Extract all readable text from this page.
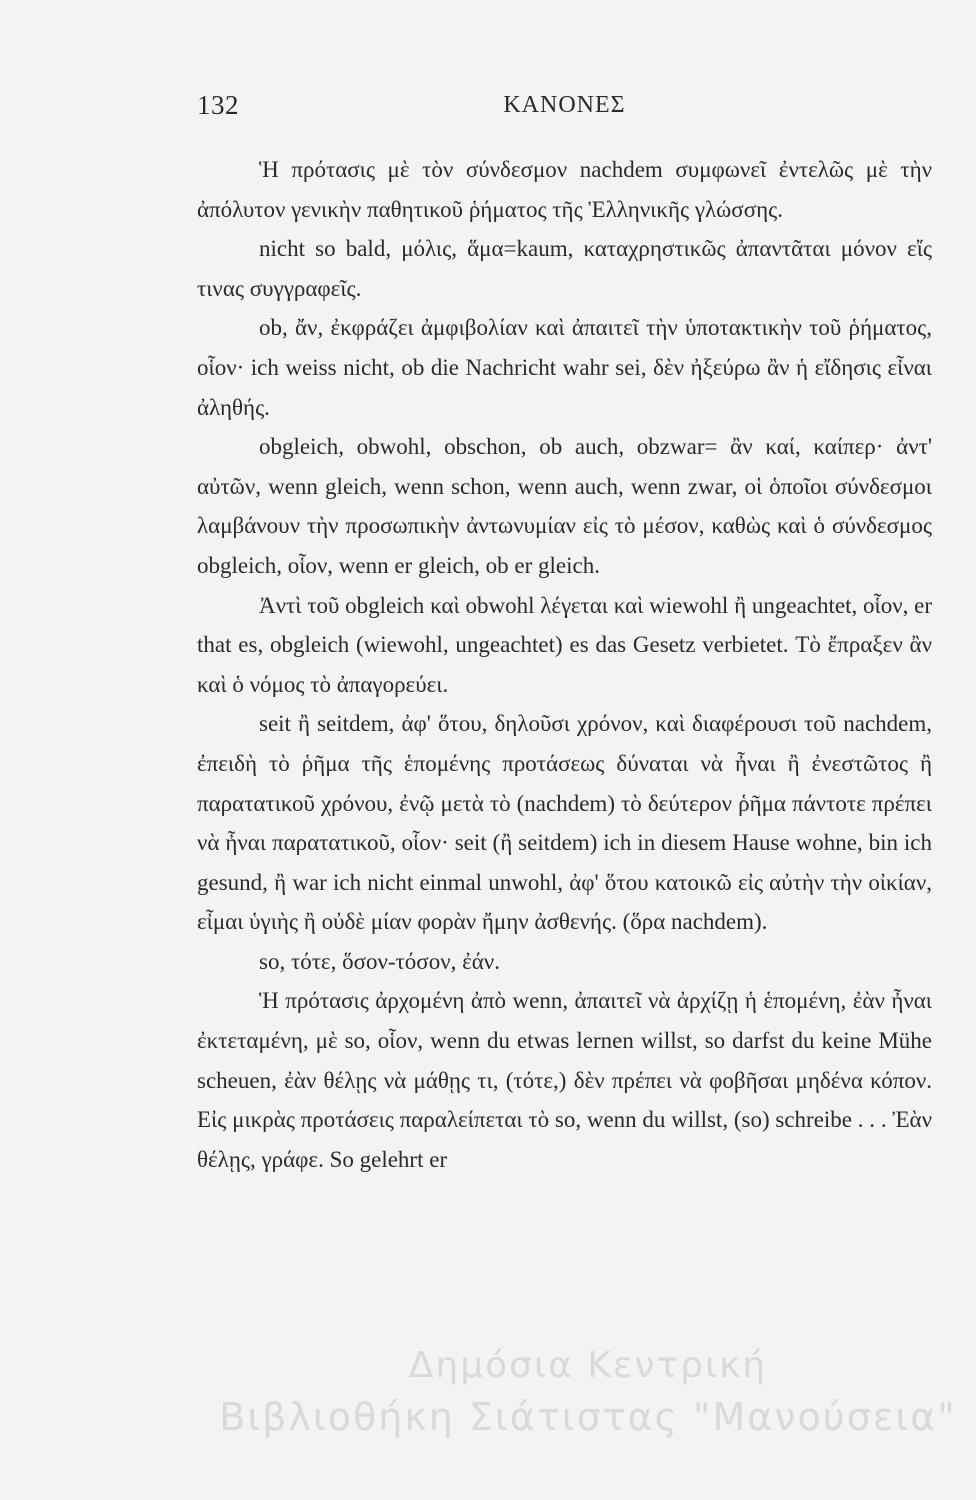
132	ΚΑΝΟΝΕΣ

Ἡ πρότασις μὲ τὸν σύνδεσμον nachdem συμφωνεῖ ἐντελῶς μὲ τὴν ἀπόλυτον γενικὴν παθητικοῦ ῥήματος τῆς Ἑλληνικῆς γλώσσης.

nicht so bald, μόλις, ἅμα=kaum, καταχρηστικῶς ἀπαντᾶται μόνον εἴς τινας συγγραφεῖς.

ob, ἄν, ἐκφράζει ἀμφιβολίαν καὶ ἀπαιτεῖ τὴν ὑποτακτικὴν τοῦ ῥήματος, οἷον· ich weiss nicht, ob die Nachricht wahr sei, δὲν ἠξεύρω ἂν ἡ εἴδησις εἶναι ἀληθής.

obgleich, obwohl, obschon, ob auch, obzwar= ἂν καί, καίπερ· ἀντ' αὐτῶν, wenn gleich, wenn schon, wenn auch, wenn zwar, οἱ ὁποῖοι σύνδεσμοι λαμβάνουν τὴν προσωπικὴν ἀντωνυμίαν εἰς τὸ μέσον, καθὼς καὶ ὁ σύνδεσμος obgleich, οἷον, wenn er gleich, ob er gleich.

Ἀντὶ τοῦ obgleich καὶ obwohl λέγεται καὶ wiewohl ἢ ungeachtet, οἷον, er that es, obgleich (wiewohl, ungeachtet) es das Gesetz verbietet. Τὸ ἔπραξεν ἂν καὶ ὁ νόμος τὸ ἀπαγορεύει.

seit ἢ seitdem, ἀφ' ὅτου, δηλοῦσι χρόνον, καὶ διαφέρουσι τοῦ nachdem, ἐπειδὴ τὸ ῥῆμα τῆς ἑπομένης προτάσεως δύναται νὰ ἦναι ἢ ἐνεστῶτος ἢ παρατατικοῦ χρόνου, ἐνῷ μετὰ τὸ (nachdem) τὸ δεύτερον ῥῆμα πάντοτε πρέπει νὰ ἦναι παρατατικοῦ, οἷον· seit (ἢ seitdem) ich in diesem Hause wohne, bin ich gesund, ἢ war ich nicht einmal unwohl, ἀφ' ὅτου κατοικῶ εἰς αὐτὴν τὴν οἰκίαν, εἶμαι ὑγιὴς ἢ οὐδὲ μίαν φορὰν ἤμην ἀσθενής. (ὅρα nachdem).

so, τότε, ὅσον-τόσον, ἐάν.

Ἡ πρότασις ἀρχομένη ἀπὸ wenn, ἀπαιτεῖ νὰ ἀρχίζῃ ἡ ἑπομένη, ἐὰν ἦναι ἐκτεταμένη, μὲ so, οἷον, wenn du etwas lernen willst, so darfst du keine Mühe scheuen, ἐὰν θέλῃς νὰ μάθῃς τι, (τότε,) δὲν πρέπει νὰ φοβῆσαι μηδένα κόπον. Εἰς μικρὰς προτάσεις παραλείπεται τὸ so, wenn du willst, (so) schreibe . . . Ἐὰν θέλῃς, γράφε. So gelehrt er

Δημόσια Κεντρική
Βιβλιοθήκη Σιάτιστας "Μανούσεια"
